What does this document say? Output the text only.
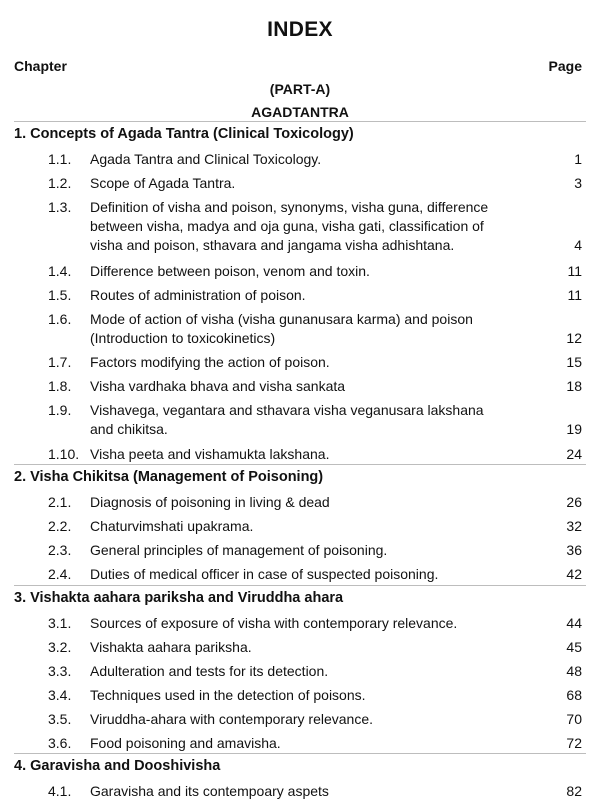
INDEX
Chapter	Page
(PART-A)
AGADTANTRA
1. Concepts of Agada Tantra (Clinical Toxicology)
1.1. Agada Tantra and Clinical Toxicology.	1
1.2. Scope of Agada Tantra.	3
1.3. Definition of visha and poison, synonyms, visha guna, difference
between visha, madya and oja guna, visha gati, classification of
visha and poison, sthavara and jangama visha adhishtana.	4
1.4. Difference between poison, venom and toxin.	11
1.5. Routes of administration of poison.	11
1.6. Mode of action of visha (visha gunanusara karma) and poison
(Introduction to toxicokinetics)	12
1.7. Factors modifying the action of poison.	15
1.8. Visha vardhaka bhava and visha sankata	18
1.9. Vishavega, vegantara and sthavara visha veganusara lakshana
and chikitsa.	19
1.10. Visha peeta and vishamukta lakshana.	24
2. Visha Chikitsa (Management of Poisoning)
2.1. Diagnosis of poisoning in living & dead	26
2.2. Chaturvimshati upakrama.	32
2.3. General principles of management of poisoning.	36
2.4. Duties of medical officer in case of suspected poisoning.	42
3. Vishakta aahara pariksha and Viruddha ahara
3.1. Sources of exposure of visha with contemporary relevance.	44
3.2. Vishakta aahara pariksha.	45
3.3. Adulteration and tests for its detection.	48
3.4. Techniques used in the detection of poisons.	68
3.5. Viruddha-ahara with contemporary relevance.	70
3.6. Food poisoning and amavisha.	72
4. Garavisha and Dooshivisha
4.1. Garavisha and its contempoary aspets	82
